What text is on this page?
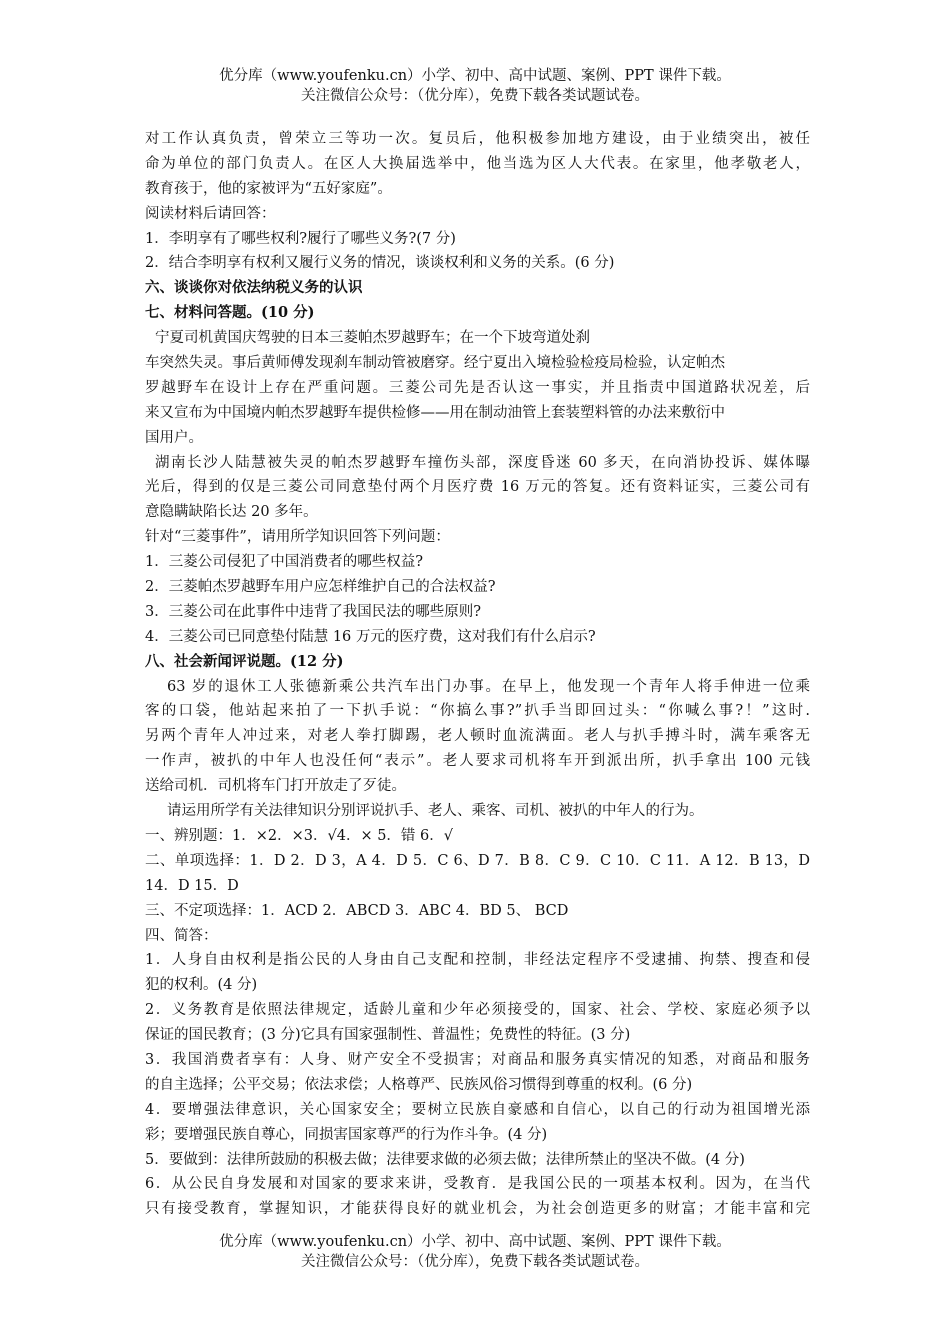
优分库（www.youfenku.cn）小学、初中、高中试题、案例、PPT 课件下载。
关注微信公众号：（优分库），免费下载各类试题试卷。
对工作认真负责，曾荣立三等功一次。复员后，他积极参加地方建设，由于业绩突出，被任
命为单位的部门负责人。在区人大换届选举中，他当选为区人大代表。在家里，他孝敬老人，
教育孩于，他的家被评为“五好家庭”。
阅读材料后请回答：
1．李明享有了哪些权利?履行了哪些义务?(7 分)
2．结合李明享有权利又履行义务的情况，谈谈权利和义务的关系。(6 分)
六、谈谈你对依法纳税义务的认识
七、材料问答题。(10 分)
宁夏司机黄国庆驾驶的日本三菱帕杰罗越野车；在一个下坡弯道处刹
车突然失灵。事后黄师傅发现刹车制动管被磨穿。经宁夏出入境检验检疫局检验，认定帕杰
罗越野车在设计上存在严重问题。三菱公司先是否认这一事实，并且指责中国道路状况差，后
来又宣布为中国境内帕杰罗越野车提供检修——用在制动油管上套装塑料管的办法来敷衍中
国用户。
湖南长沙人陆慧被失灵的帕杰罗越野车撞伤头部，深度昏迷 60 多天，在向消协投诉、媒体曝
光后，得到的仅是三菱公司同意垫付两个月医疗费 16 万元的答复。还有资料证实，三菱公司有
意隐瞒缺陷长达 20 多年。
针对“三菱事件”，请用所学知识回答下列问题：
1．三菱公司侵犯了中国消费者的哪些权益?
2．三菱帕杰罗越野车用户应怎样维护自己的合法权益?
3．三菱公司在此事件中违背了我国民法的哪些原则?
4．三菱公司已同意垫付陆慧 16 万元的医疗费，这对我们有什么启示?
八、社会新闻评说题。(12 分)
63 岁的退休工人张德新乘公共汽车出门办事。在早上，他发现一个青年人将手伸进一位乘
客的口袋，他站起来拍了一下扒手说：“你搞么事?”扒手当即回过头：“你喊么事?！”这时.
另两个青年人冲过来，对老人拳打脚踢，老人顿时血流满面。老人与扒手搏斗时，满车乘客无
一作声，被扒的中年人也没任何“表示”。老人要求司机将车开到派出所，扒手拿出 100 元钱
送给司机．司机将车门打开放走了歹徒。
请运用所学有关法律知识分别评说扒手、老人、乘客、司机、被扒的中年人的行为。
一、辨别题：1．×2．×3．√4．× 5．错 6．√
二、单项选择：1．D 2．D 3，A 4．D 5．C 6、D 7．B 8．C 9．C 10．C 11．A 12．B 13，D
14．D 15．D
三、不定项选择：1．ACD 2．ABCD 3．ABC 4．BD 5、 BCD
四、简答：
1．人身自由权利是指公民的人身由自己支配和控制，非经法定程序不受逮捕、拘禁、搜查和侵
犯的权利。(4 分)
2．义务教育是依照法律规定，适龄儿童和少年必须接受的，国家、社会、学校、家庭必须予以
保证的国民教育；(3 分)它具有国家强制性、普温性；免费性的特征。(3 分)
3．我国消费者享有：人身、财产安全不受损害；对商品和服务真实情况的知悉，对商品和服务
的自主选择；公平交易；依法求偿；人格尊严、民族风俗习惯得到尊重的权利。(6 分)
4．要增强法律意识，关心国家安全；要树立民族自豪感和自信心，以自己的行动为祖国增光添
彩；要增强民族自尊心，同损害国家尊严的行为作斗争。(4 分)
5．要做到：法律所鼓励的积极去做；法律要求做的必须去做；法律所禁止的坚决不做。(4 分)
6．从公民自身发展和对国家的要求来讲，受教育．是我国公民的一项基本权利。因为，在当代
只有接受教育，掌握知识，才能获得良好的就业机会，为社会创造更多的财富；才能丰富和完
优分库（www.youfenku.cn）小学、初中、高中试题、案例、PPT 课件下载。
关注微信公众号：（优分库），免费下载各类试题试卷。
